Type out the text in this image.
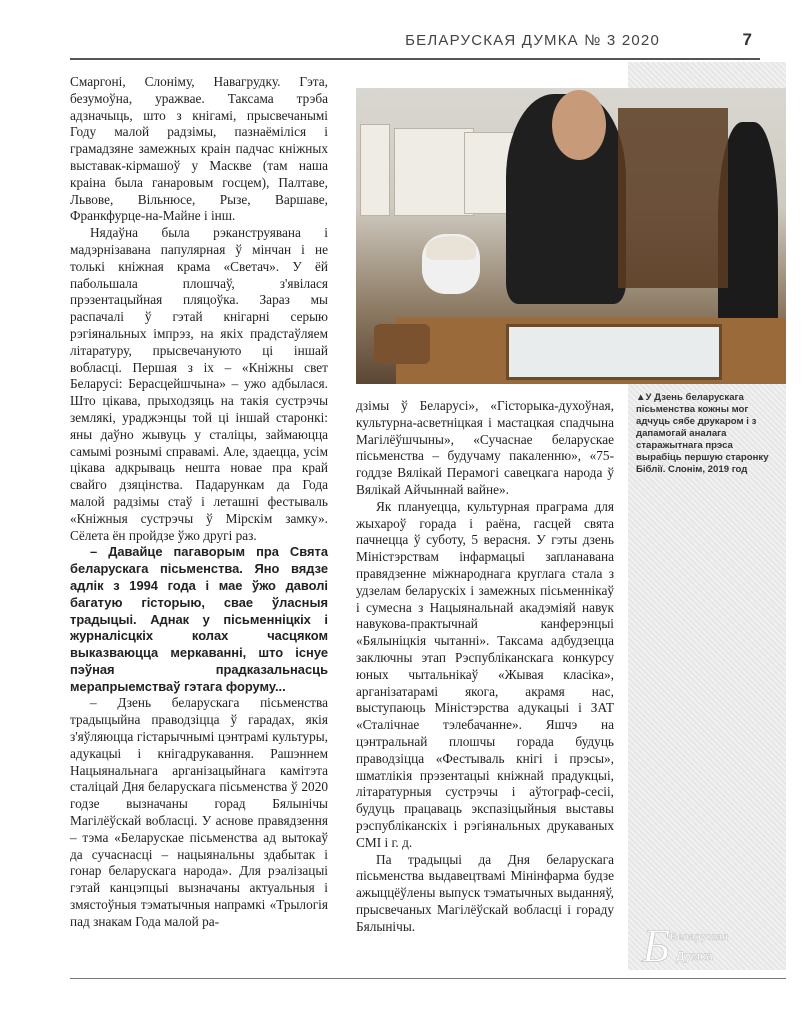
БЕЛАРУСКАЯ ДУМКА № 3 2020	7

Смаргоні, Слоніму, Навагрудку. Гэта, безумоўна, уражвае. Таксама трэба адзначыць, што з кнігамі, прысвечанымі Году малой радзімы, пазнаёміліся і грамадзяне замежных краін падчас кніжных выставак-кірмашоў у Маскве (там наша краіна была ганаровым госцем), Палтаве, Львове, Вільнюсе, Рызе, Варшаве, Франкфурце-на-Майне і інш.

Нядаўна была рэканструявана і мадэрнізавана папулярная ў мінчан і не толькі кніжная крама «Светач». У ёй пабольшала плошчаў, з'явілася прэзентацыйная пляцоўка. Зараз мы распачалі ў гэтай кнігарні серыю рэгіянальных імпрэз, на якіх прадстаўляем літаратуру, прысвечануюто ці іншай вобласці. Першая з іх – «Кніжны свет Беларусі: Берасцейшчына» – ужо адбылася. Што цікава, прыходзяць на такія сустрэчы землякі, ураджэнцы той ці іншай старонкі: яны даўно жывуць у сталіцы, займаюцца самымі рознымі справамі. Але, здаецца, усім цікава адкрываць нешта новае пра край свайго дзяцінства. Падарункам да Года малой радзімы стаў і леташні фестываль «Кніжныя сустрэчы ў Мірскім замку». Сёлета ён пройдзе ўжо другі раз.

– Давайце пагаворым пра Свята беларускага пісьменства. Яно вядзе адлік з 1994 года і мае ўжо даволі багатую гісторыю, свае ўласныя традыцыі. Аднак у пісьменніцкіх і журналісцкіх колах часцяком выказваюцца меркаванні, што існуе пэўная прадказальнасць мерапрыемстваў гэтага форуму...

– Дзень беларускага пісьменства традыцыйна праводзіцца ў гарадах, якія з'яўляюцца гістарычнымі цэнтрамі культуры, адукацыі і кнігадрукавання. Рашэннем Нацыянальнага арганізацыйнага камітэта сталіцай Дня беларускага пісьменства ў 2020 годзе вызначаны горад Бялынічы Магілёўскай вобласці. У аснове правядзення – тэма «Беларускае пісьменства ад вытокаў да сучаснасці – нацыянальны здабытак і гонар беларускага народа». Для рэалізацыі гэтай канцэпцыі вызначаны актуальныя і змястоўныя тэматычныя напрамкі «Трылогія пад знакам Года малой ра-

▲У Дзень беларускага пісьменства кожны мог адчуць сябе друкаром і з дапамогай аналага старажытнага прэса вырабіць першую старонку Біблії. Слонім, 2019 год

дзімы ў Беларусі», «Гісторыка-духоўная, культурна-асветніцкая і мастацкая спадчына Магілёўшчыны», «Сучаснае беларускае пісьменства – будучаму пакаленню», «75-годдзе Вялікай Перамогі савецкага народа ў Вялікай Айчыннай вайне».

Як плануецца, культурная праграма для жыхароў горада і раёна, гасцей свята пачнецца ў суботу, 5 верасня. У гэты дзень Міністэрствам інфармацыі запланавана правядзенне міжнароднага круглага стала з удзелам беларускіх і замежных пісьменнікаў і сумесна з Нацыянальнай акадэміяй навук навукова-практычнай канферэнцыі «Бялыніцкія чытанні». Таксама адбудзецца заключны этап Рэспубліканскага конкурсу юных чытальнікаў «Жывая класіка», арганізатарамі якога, акрамя нас, выступаюць Міністэрства адукацыі і ЗАТ «Сталічнае тэлебачанне». Яшчэ на цэнтральнай плошчы горада будуць праводзіцца «Фестываль кнігі і прэсы», шматлікія прэзентацыі кніжнай прадукцыі, літаратурныя сустрэчы і аўтограф-сесіі, будуць працаваць экспазіцыйныя выставы рэспубліканскіх і рэгіянальных друкаваных СМІ і г. д.

Па традыцыі да Дня беларускага пісьменства выдавецтвамі Мінінфарма будзе ажыццёўлены выпуск тэматычных выданняў, прысвечаных Магілёўскай вобласці і гораду Бялынічы.	Б Беларуская
Думка
